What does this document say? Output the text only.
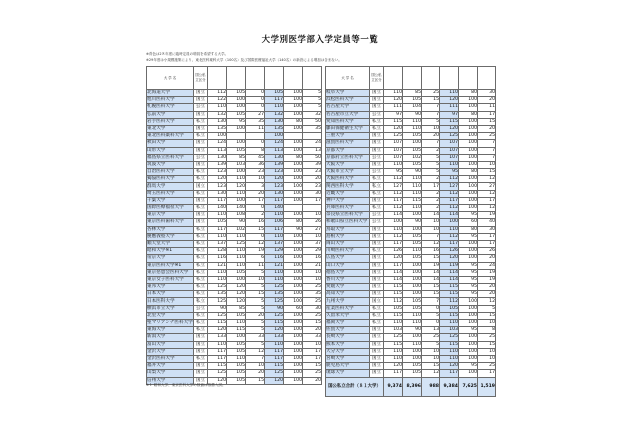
大学別医学部入学定員等一覧
※青色は2８年度に臨時定員の増員を希望する大学。
※29年度は小規模施策により、東北医科薬科大学（100名）及び国際医療福祉大学（140名）の新設による増加は含まない。
大 学 名	国公私立区分						
北海道大学	国立	112	105	0	105	100	5
旭川医科大学	国立	122	100	0	117	100	5
札幌医科大学	公立	110	100	0	110	100	5
弘前大学	国立	132	105	27	132	100	32
岩手医科大学	私立	130	95	35	130	80	50
東北大学	国立	135	100	11	135	100	35
東北医科薬科大学	私立	100			100		
秋田大学	国立	124	100	0	124	100	24
山形大学	国立	113	105	8	113	100	13
福島県立医科大学	公立	130	85	45	130	80	50
筑波大学	国立	139	103	36	139	100	39
自治医科大学	私立	123	100	23	123	100	23
獨協医科大学	私立	120	110	10	120	100	20
群馬大学	国立	123	120	3	123	100	23
埼玉医科大学	私立	130	110	20	130	100	30
千葉大学	国立	117	100	17	117	100	17
国際医療福祉大学	私立	140	140	0	140		
東京大学	国立	110	108	2	110	100	10
東京医科歯科大学	国立	105	90	16	106	80	26
杏林大学	私立	117	102	15	117	90	27
慶應義塾大学	私立	110	110	0	110	100	10
順天堂大学	私立	137	125	12	137	100	37
昭和大学※1	私立	128	110	19	129	100	29
帝京大学	私立	116	110	6	116	100	16
東京医科大学※1	私立	121	110	11	121	100	21
東京慈恵会医科大学	私立	110	105	5	110	100	10
東京女子医科大学	私立	110	100	10	110	100	10
東邦大学	私立	125	120	5	125	100	25
日本大学	私立	135	120	15	135	100	35
日本医科大学	私立	125	120	5	125	100	25
横浜市立大学	公立	90	85	5	90	60	30
北里大学	私立	125	105	20	125	100	25
聖マリアンナ医科大学	私立	115	110	5	115	100	15
東海大学	私立	120	115	5	120	100	20
新潟大学	国立	133	100	33	133	100	33
富山大学	国立	110	105	5	110	100	10
金沢大学	国立	117	105	12	117	100	17
金沢医科大学	私立	117	110	7	117	100	17
福井大学	国立	115	105	10	115	100	15
山梨大学	国立	125	105	20	125	100	25
信州大学	国立	120	105	15	120	100	20
大 学 名	国公私立区分						
岐阜大学	国立	110	85	25	110	80	30
浜松医科大学	国立	120	105	15	120	100	20
名古屋大学	国立	111	104	7	111	100	11
名古屋市立大学	公立	97	90	7	97	80	17
愛知医科大学	私立	115	110	5	115	100	15
藤田保健衛生大学	私立	120	110	10	120	100	20
三重大学	国立	125	105	20	125	100	25
滋賀医科大学	国立	107	100	7	107	100	7
京都大学	国立	107	105	2	107	100	7
京都府立医科大学	公立	107	102	5	107	100	7
大阪大学	国立	110	105	5	110	100	10
大阪市立大学	公立	95	90	5	95	80	15
大阪医科大学	私立	112	110	2	112	100	12
関西医科大学	私立	127	110	17	127	100	27
近畿大学	私立	112	110	2	112	100	12
神戸大学	国立	117	115	2	117	100	17
兵庫医科大学	私立	112	110	2	112	100	12
奈良県立医科大学	公立	114	100	14	114	95	19
和歌山県立医科大学	公立	100	90	10	100	60	40
鳥取大学	国立	110	100	10	110	80	30
島根大学	国立	112	105	7	112	95	17
岡山大学	国立	117	105	12	117	100	17
川崎医科大学	私立	126	110	16	126	100	26
広島大学	国立	120	105	15	120	100	20
山口大学	国立	117	100	19	119	95	24
徳島大学	国立	114	100	14	114	95	19
香川大学	国立	114	100	14	114	95	19
愛媛大学	国立	115	100	15	115	95	20
高知大学	国立	115	100	15	115	95	20
九州大学	国立	112	105	7	112	100	12
産業医科大学	私立	105	105	0	105	100	5
久留米大学	私立	115	110	5	115	100	15
福岡大学	私立	110	110	0	110	100	10
佐賀大学	国立	103	90	13	103	95	8
長崎大学	国立	125	100	25	125	100	25
熊本大学	国立	115	110	5	115	100	15
大分大学	国立	110	100	10	110	100	10
宮崎大学	国立	110	100	10	110	100	10
鹿児島大学	国立	120	105	15	120	95	25
琉球大学	国立	117	105	12	117	100	17
国公私立合計（８１大学）		9,374	8,396	988	9,384	7,625	1,519
※１ 昭和大学、東京医科大学の数値は推薦入試。
